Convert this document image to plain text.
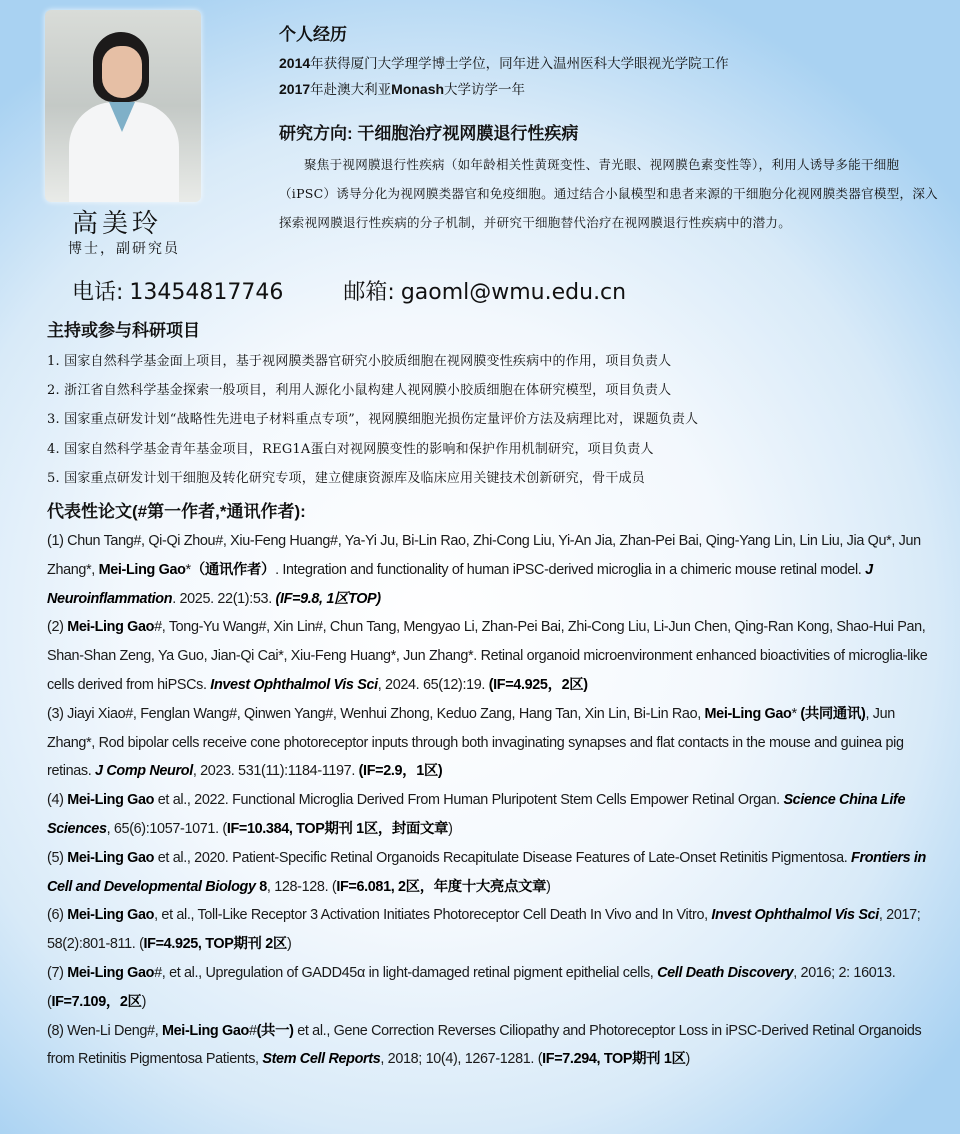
高美玲
博士，副研究员
电话: 13454817746	邮箱: gaoml@wmu.edu.cn
个人经历
2014年获得厦门大学理学博士学位，同年进入温州医科大学眼视光学院工作
2017年赴澳大利亚Monash大学访学一年
研究方向: 干细胞治疗视网膜退行性疾病

聚焦于视网膜退行性疾病（如年龄相关性黄斑变性、青光眼、视网膜色素变性等），利用人诱导多能干细胞（iPSC）诱导分化为视网膜类器官和免疫细胞。通过结合小鼠模型和患者来源的干细胞分化视网膜类器官模型，深入探索视网膜退行性疾病的分子机制，并研究干细胞替代治疗在视网膜退行性疾病中的潜力。

主持或参与科研项目
1. 国家自然科学基金面上项目，基于视网膜类器官研究小胶质细胞在视网膜变性疾病中的作用，项目负责人
2. 浙江省自然科学基金探索一般项目，利用人源化小鼠构建人视网膜小胶质细胞在体研究模型，项目负责人
3. 国家重点研发计划“战略性先进电子材料重点专项”，视网膜细胞光损伤定量评价方法及病理比对，课题负责人
4. 国家自然科学基金青年基金项目，REG1A蛋白对视网膜变性的影响和保护作用机制研究，项目负责人
5. 国家重点研发计划干细胞及转化研究专项，建立健康资源库及临床应用关键技术创新研究，骨干成员
代表性论文(#第一作者,*通讯作者):
(1) Chun Tang#, Qi-Qi Zhou#, Xiu-Feng Huang#, Ya-Yi Ju, Bi-Lin Rao, Zhi-Cong Liu, Yi-An Jia, Zhan-Pei Bai, Qing-Yang Lin, Lin Liu, Jia Qu*, Jun Zhang*, Mei-Ling Gao*（通讯作者）. Integration and functionality of human iPSC-derived microglia in a chimeric mouse retinal model. J Neuroinflammation. 2025. 22(1):53. (IF=9.8, 1区TOP)
(2) Mei-Ling Gao#, Tong-Yu Wang#, Xin Lin#, Chun Tang, Mengyao Li, Zhan-Pei Bai, Zhi-Cong Liu, Li-Jun Chen, Qing-Ran Kong, Shao-Hui Pan, Shan-Shan Zeng, Ya Guo, Jian-Qi Cai*, Xiu-Feng Huang*, Jun Zhang*. Retinal organoid microenvironment enhanced bioactivities of microglia-like cells derived from hiPSCs. Invest Ophthalmol Vis Sci, 2024. 65(12):19. (IF=4.925，2区)
(3) Jiayi Xiao#, Fenglan Wang#, Qinwen Yang#, Wenhui Zhong, Keduo Zang, Hang Tan, Xin Lin, Bi-Lin Rao, Mei-Ling Gao* (共同通讯), Jun Zhang*, Rod bipolar cells receive cone photoreceptor inputs through both invaginating synapses and flat contacts in the mouse and guinea pig retinas. J Comp Neurol, 2023. 531(11):1184-1197. (IF=2.9，1区)
(4) Mei-Ling Gao et al., 2022. Functional Microglia Derived From Human Pluripotent Stem Cells Empower Retinal Organ. Science China Life Sciences, 65(6):1057-1071. (IF=10.384, TOP期刊 1区，封面文章)
(5) Mei-Ling Gao et al., 2020. Patient-Specific Retinal Organoids Recapitulate Disease Features of Late-Onset Retinitis Pigmentosa. Frontiers in Cell and Developmental Biology 8, 128-128. (IF=6.081, 2区，年度十大亮点文章)
(6) Mei-Ling Gao, et al., Toll-Like Receptor 3 Activation Initiates Photoreceptor Cell Death In Vivo and In Vitro, Invest Ophthalmol Vis Sci, 2017; 58(2):801-811. (IF=4.925, TOP期刊 2区)
(7) Mei-Ling Gao#, et al., Upregulation of GADD45α in light-damaged retinal pigment epithelial cells, Cell Death Discovery, 2016; 2: 16013. (IF=7.109，2区)
(8) Wen-Li Deng#, Mei-Ling Gao#(共一) et al., Gene Correction Reverses Ciliopathy and Photoreceptor Loss in iPSC-Derived Retinal Organoids from Retinitis Pigmentosa Patients, Stem Cell Reports, 2018; 10(4), 1267-1281. (IF=7.294, TOP期刊 1区)
